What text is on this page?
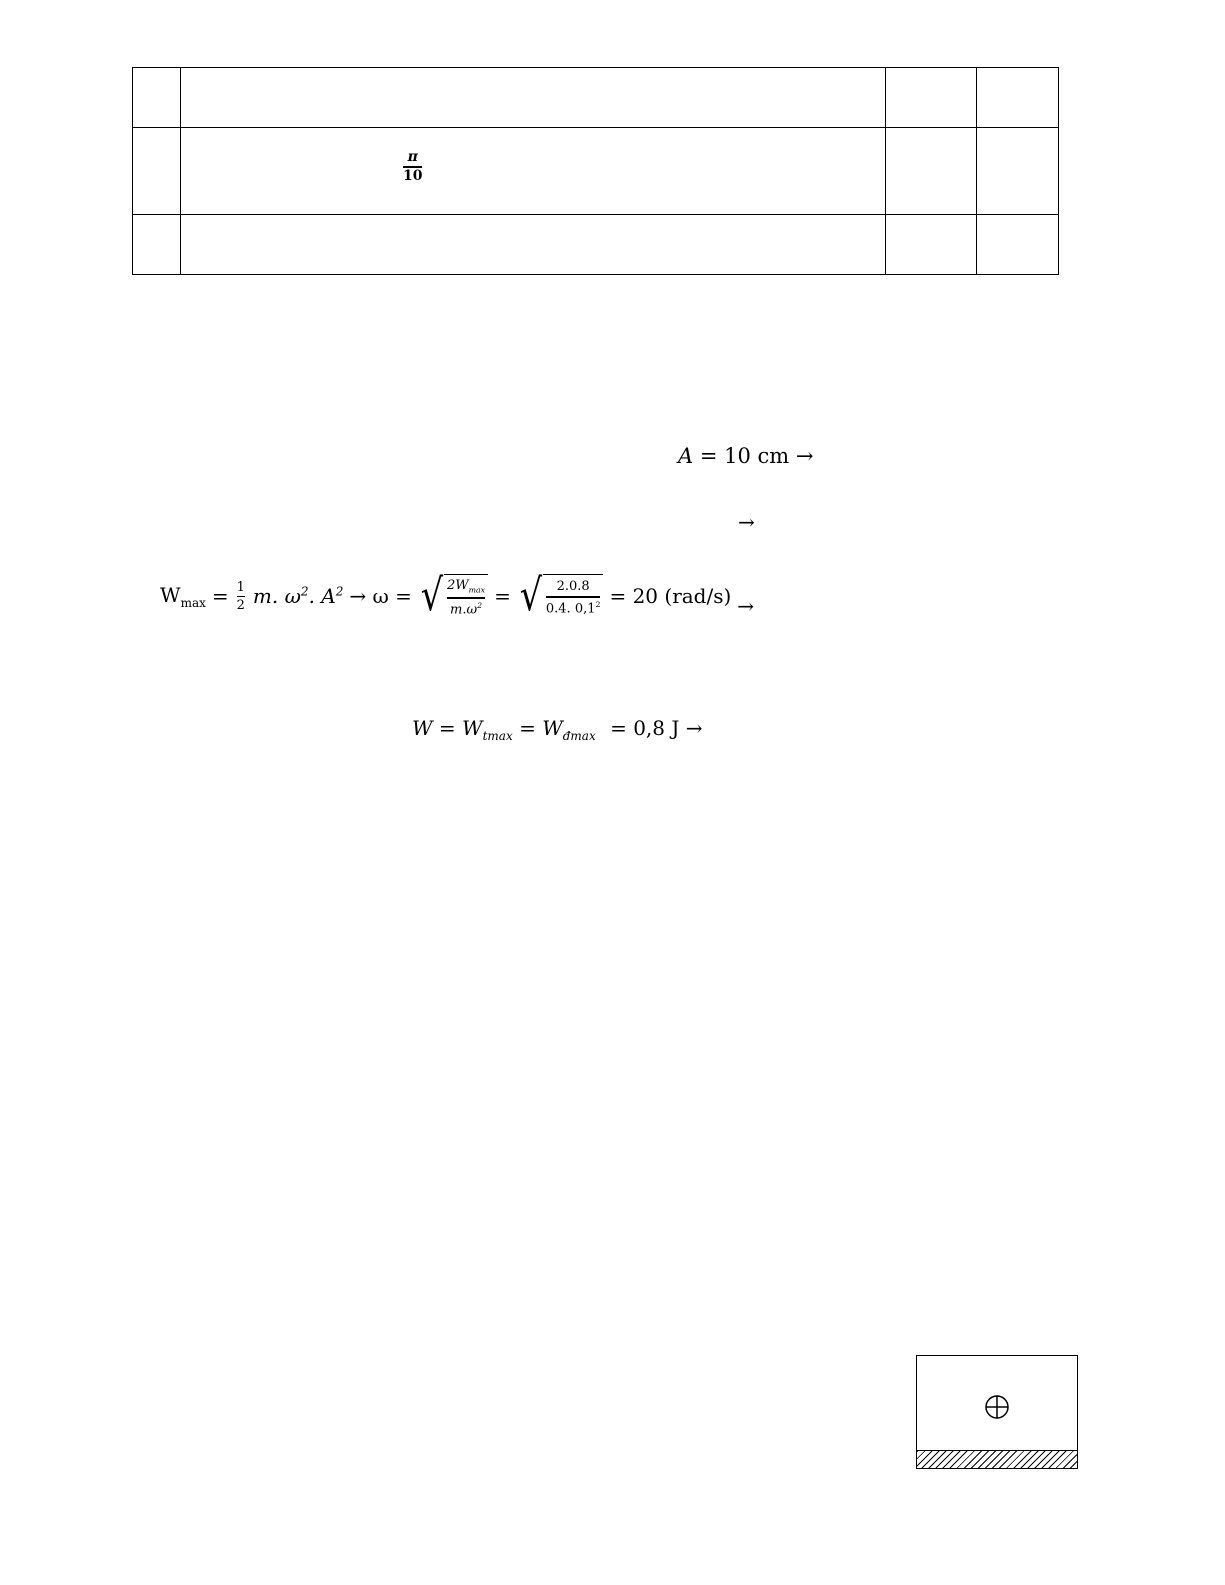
$\frac{\pi}{10}$
A = 10 cm →
→
$W_{max} = 1$
2 m. $\omega^2$. $A^2 \to \omega$ = √ $2W_{max}$
$m.\omega^2$ = √ 2.0.8
0.4. $0,1^2 = 20$ (rad/s) →
$W = W_{tmax} = W_{đmax} = 0,8$ J →
